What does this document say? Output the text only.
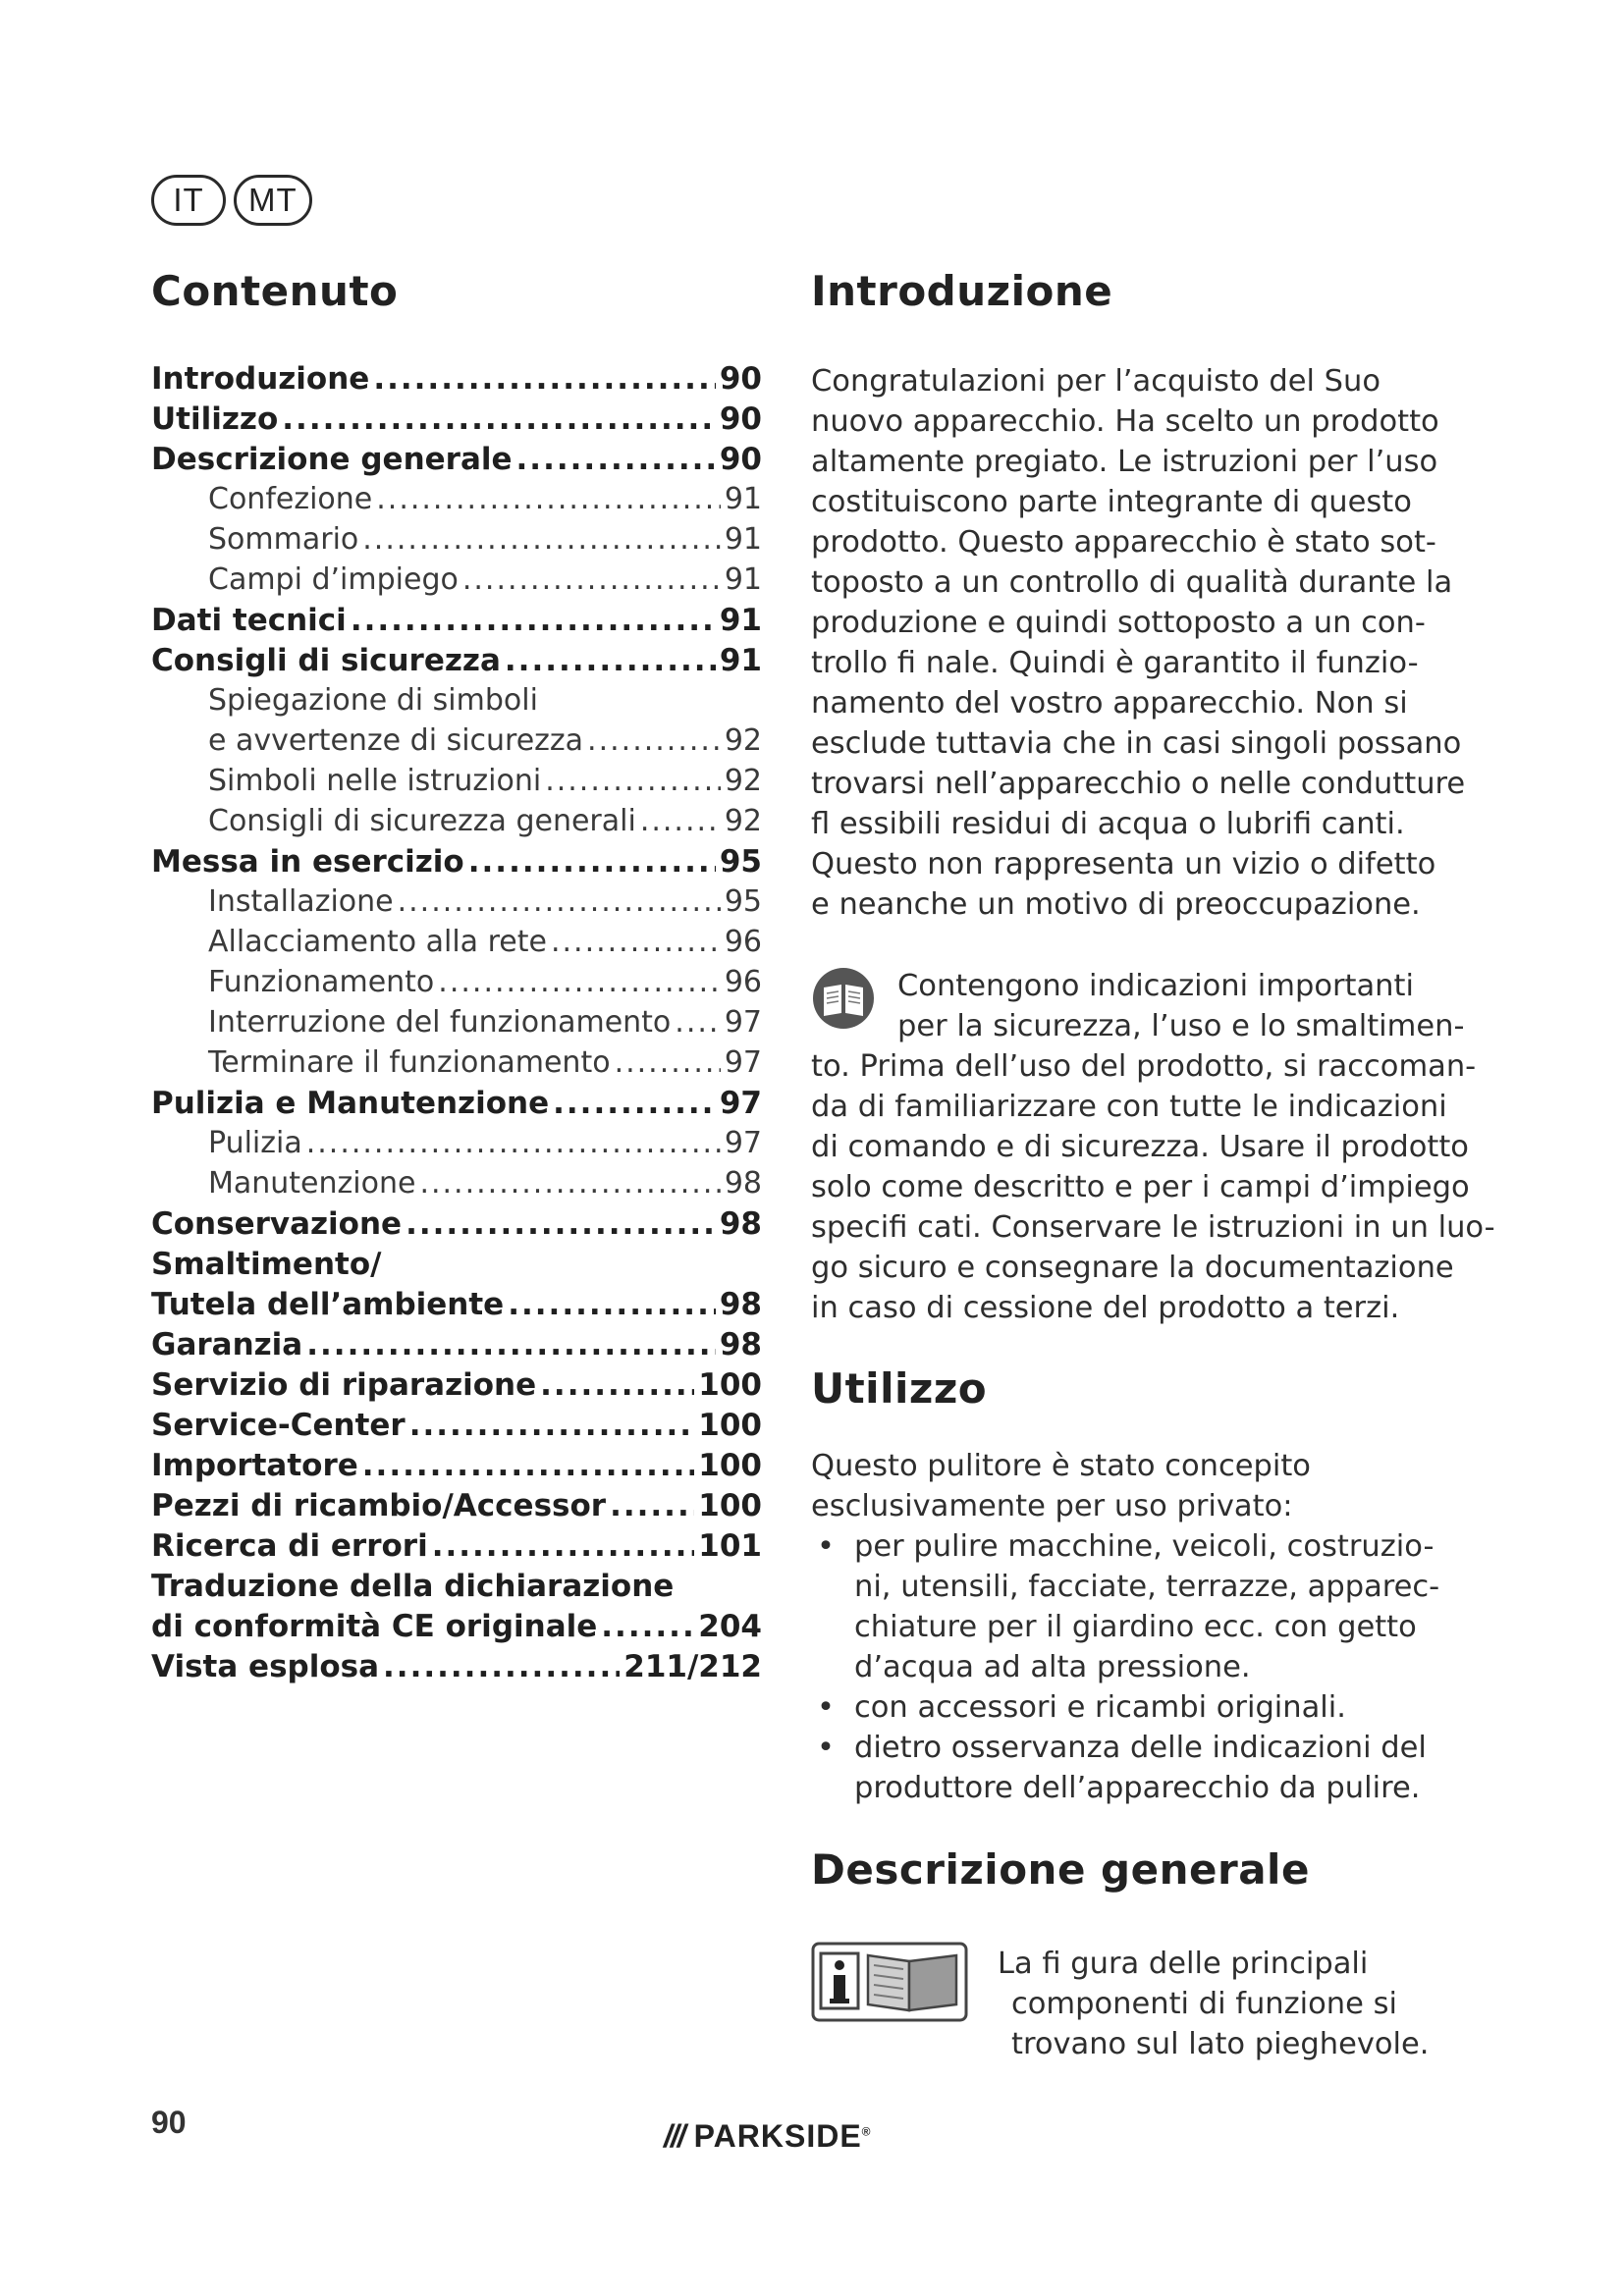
IT	MT
Contenuto
Introduzione .....	90
Utilizzo .....	90
Descrizione generale .....	90
Confezione .....	91
Sommario .....	91
Campi d’impiego .....	91
Dati tecnici .....	91
Consigli di sicurezza .....	91
Spiegazione di simboli
e avvertenze di sicurezza .....	92
Simboli nelle istruzioni .....	92
Consigli di sicurezza generali .....	92
Messa in esercizio .....	95
Installazione .....	95
Allacciamento alla rete .....	96
Funzionamento .....	96
Interruzione del funzionamento ..... 97
Terminare il funzionamento .....	97
Pulizia e Manutenzione .....	97
Pulizia .....	97
Manutenzione .....	98
Conservazione .....	98
Smaltimento/
Tutela dell’ambiente .....	98
Garanzia .....	98
Servizio di riparazione .....	100
Service-Center .....	100
Importatore .....	100
Pezzi di ricambio/Accessor .....	100
Ricerca di errori .....	101
Traduzione della dichiarazione
di conformità CE originale .....	204
Vista esplosa .....	211/212
Introduzione

Congratulazioni per l’acquisto del Suo
nuovo apparecchio. Ha scelto un prodotto
altamente pregiato. Le istruzioni per l’uso
costituiscono parte integrante di questo
prodotto. Questo apparecchio è stato sot-
toposto a un controllo di qualità durante la
produzione e quindi sottoposto a un con-
trollo fi nale. Quindi è garantito il funzio-
namento del vostro apparecchio. Non si
esclude tuttavia che in casi singoli possano
trovarsi nell’apparecchio o nelle condutture
fl essibili residui di acqua o lubrifi canti.
Questo non rappresenta un vizio o difetto
e neanche un motivo di preoccupazione.

Contengono indicazioni importanti
per la sicurezza, l’uso e lo smaltimen-
to. Prima dell’uso del prodotto, si raccoman-
da di familiarizzare con tutte le indicazioni
di comando e di sicurezza. Usare il prodotto
solo come descritto e per i campi d’impiego
specifi cati. Conservare le istruzioni in un luo-
go sicuro e consegnare la documentazione
in caso di cessione del prodotto a terzi.

Utilizzo

Questo pulitore è stato concepito
esclusivamente per uso privato:

• per pulire macchine, veicoli, costruzio-
ni, utensili, facciate, terrazze, apparec-
chiature per il giardino ecc. con getto
d’acqua ad alta pressione.
• con accessori e ricambi originali.
• dietro osservanza delle indicazioni del
produttore dell’apparecchio da pulire.
Descrizione generale

La fi gura delle principali
componenti di funzione si
trovano sul lato pieghevole.

90	/// PARKSIDE®
